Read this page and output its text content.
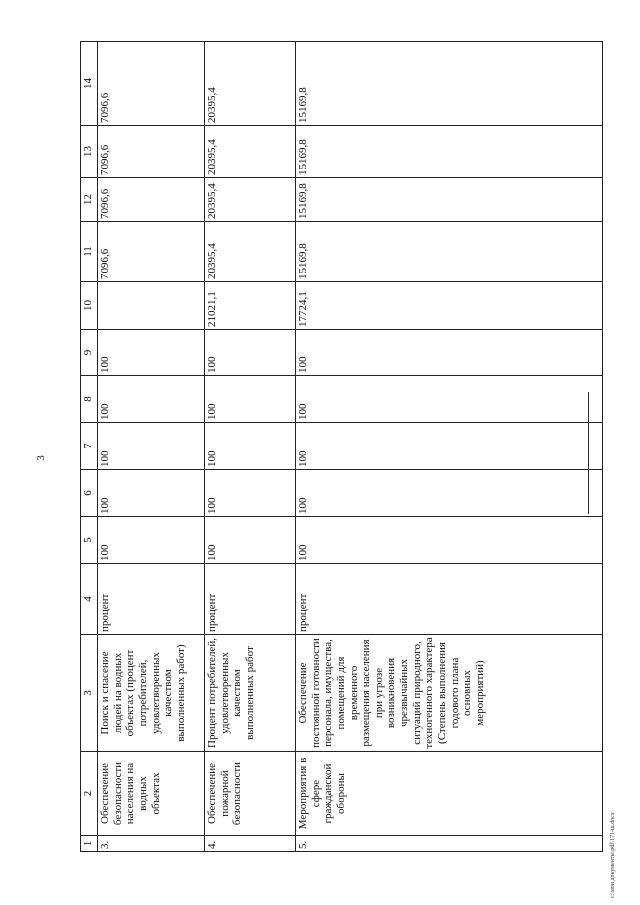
3
1	2	3	4	5	6	7	8	9	10	11	12	13	14
3.	Обеспечение безопасности населения на водных объектах	Поиск и спасение людей на водных объектах (процент потребителей, удовлетворенных качеством выполненных работ)	процент	100	100	100	100	100		7096,6	7096,6	7096,6	7096,6
4.	Обеспечение пожарной безопасности	Процент потребителей, удовлетворенных качеством выполненных работ	процент	100	100	100	100	100	21021,1	20395,4	20395,4	20395,4	20395,4
5.	Мероприятия в сфере гражданской обороны	Обеспечение постоянной готовности персонала, имущества, помещений для временного размещения населения при угрозе возникновения чрезвычайных ситуаций природного, техногенного характера (Степень выполнения годового плана основных мероприятий)	процент	100	100	100	100	100	17724,1	15169,8	15169,8	15169,8	15169,8
c:\мои документы\pdf\171-ш.docx
